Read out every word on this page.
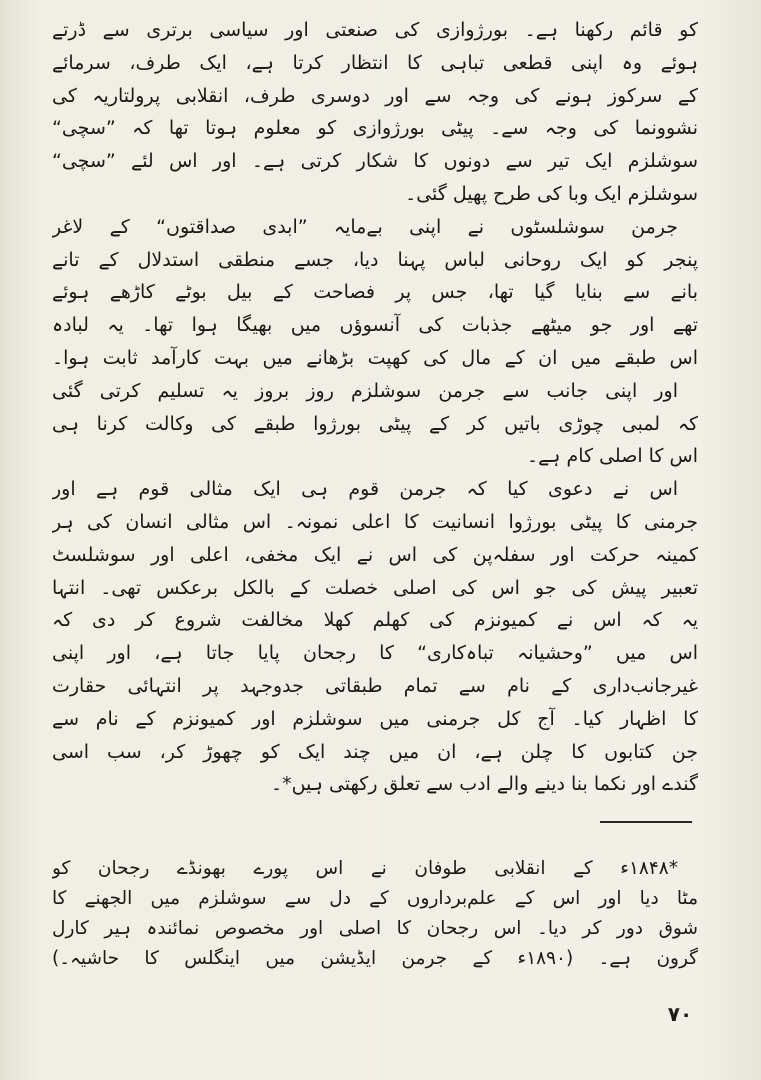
کو قائم رکھنا ہے۔ بورژوازی کی صنعتی اور سیاسی برتری سے ڈرتے
ہوئے وہ اپنی قطعی تباہی کا انتظار کرتا ہے، ایک طرف، سرمائے
کے سرکوز ہونے کی وجہ سے اور دوسری طرف، انقلابی پرولتاریہ کی
نشوونما کی وجہ سے۔ پیٹی بورژوازی کو معلوم ہوتا تھا کہ ”سچی“
سوشلزم ایک تیر سے دونوں کا شکار کرتی ہے۔ اور اس لئے ”سچی“
سوشلزم ایک وبا کی طرح پھیل گئی۔
جرمن سوشلسٹوں نے اپنی بےمایہ ”ابدی صداقتوں“ کے لاغر
پنجر کو ایک روحانی لباس پہنا دیا، جسے منطقی استدلال کے تانے
بانے سے بنایا گیا تھا، جس پر فصاحت کے بیل بوٹے کاڑھے ہوئے
تھے اور جو میٹھے جذبات کی آنسوؤں میں بھیگا ہوا تھا۔ یہ لبادہ
اس طبقے میں ان کے مال کی کھپت بڑھانے میں بہت کارآمد ثابت ہوا۔
اور اپنی جانب سے جرمن سوشلزم روز بروز یہ تسلیم کرتی گئی
کہ لمبی چوڑی باتیں کر کے پیٹی بورژوا طبقے کی وکالت کرنا ہی
اس کا اصلی کام ہے۔
اس نے دعوی کیا کہ جرمن قوم ہی ایک مثالی قوم ہے اور
جرمنی کا پیٹی بورژوا انسانیت کا اعلی نمونہ۔ اس مثالی انسان کی ہر
کمینہ حرکت اور سفلہ‌پن کی اس نے ایک مخفی، اعلی اور سوشلسٹ
تعبیر پیش کی جو اس کی اصلی خصلت کے بالکل برعکس تھی۔ انتہا
یہ کہ اس نے کمیونزم کی کھلم کھلا مخالفت شروع کر دی کہ
اس میں ”وحشیانہ تباہ‌کاری“ کا رجحان پایا جاتا ہے، اور اپنی
غیرجانب‌داری کے نام سے تمام طبقاتی جدوجہد پر انتہائی حقارت
کا اظہار کیا۔ آج کل جرمنی میں سوشلزم اور کمیونزم کے نام سے
جن کتابوں کا چلن ہے، ان میں چند ایک کو چھوڑ کر، سب اسی
گندے اور نکما بنا دینے والے ادب سے تعلق رکھتی ہیں*۔
*۱۸۴۸ء کے انقلابی طوفان نے اس پورے بھونڈے رجحان کو
مٹا دیا اور اس کے علم‌برداروں کے دل سے سوشلزم میں الجھنے کا
شوق دور کر دیا۔ اس رجحان کا اصلی اور مخصوص نمائندہ ہیر کارل
گرون ہے۔ (۱۸۹۰ء کے جرمن ایڈیشن میں اینگلس کا حاشیہ۔)
۷۰
